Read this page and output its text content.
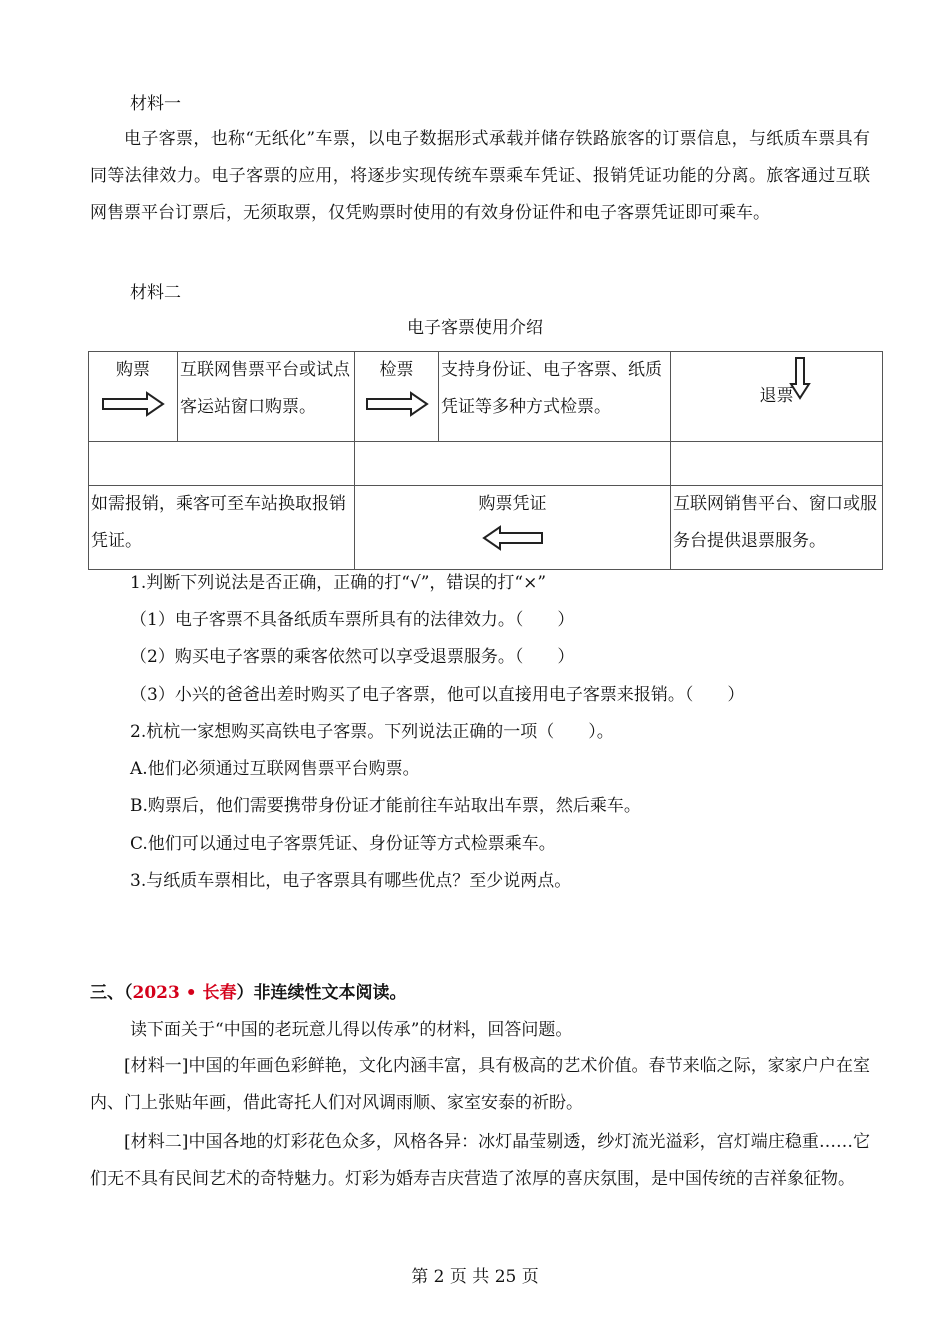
材料一
电子客票，也称“无纸化”车票，以电子数据形式承载并储存铁路旅客的订票信息，与纸质车票具有同等法律效力。电子客票的应用，将逐步实现传统车票乘车凭证、报销凭证功能的分离。旅客通过互联网售票平台订票后，无须取票，仅凭购票时使用的有效身份证件和电子客票凭证即可乘车。
材料二
电子客票使用介绍
购票	互联网售票平台或试点客运站窗口购票。	检票	支持身份证、电子客票、纸质凭证等多种方式检票。	退票

如需报销，乘客可至车站换取报销凭证。		购票凭证		互联网销售平台、窗口或服务台提供退票服务。
1.判断下列说法是否正确，正确的打“√”，错误的打“×”
（1）电子客票不具备纸质车票所具有的法律效力。（　　）
（2）购买电子客票的乘客依然可以享受退票服务。（　　）
（3）小兴的爸爸出差时购买了电子客票，他可以直接用电子客票来报销。（　　）
2.杭杭一家想购买高铁电子客票。下列说法正确的一项（　　）。
A.他们必须通过互联网售票平台购票。
B.购票后，他们需要携带身份证才能前往车站取出车票，然后乘车。
C.他们可以通过电子客票凭证、身份证等方式检票乘车。
3.与纸质车票相比，电子客票具有哪些优点？至少说两点。
三、（2023 • 长春）非连续性文本阅读。
读下面关于“中国的老玩意儿得以传承”的材料，回答问题。
[材料一]中国的年画色彩鲜艳，文化内涵丰富，具有极高的艺术价值。春节来临之际，家家户户在室内、门上张贴年画，借此寄托人们对风调雨顺、家室安泰的祈盼。
[材料二]中国各地的灯彩花色众多，风格各异：冰灯晶莹剔透，纱灯流光溢彩，宫灯端庄稳重……它们无不具有民间艺术的奇特魅力。灯彩为婚寿吉庆营造了浓厚的喜庆氛围，是中国传统的吉祥象征物。
第 2 页 共 25 页
